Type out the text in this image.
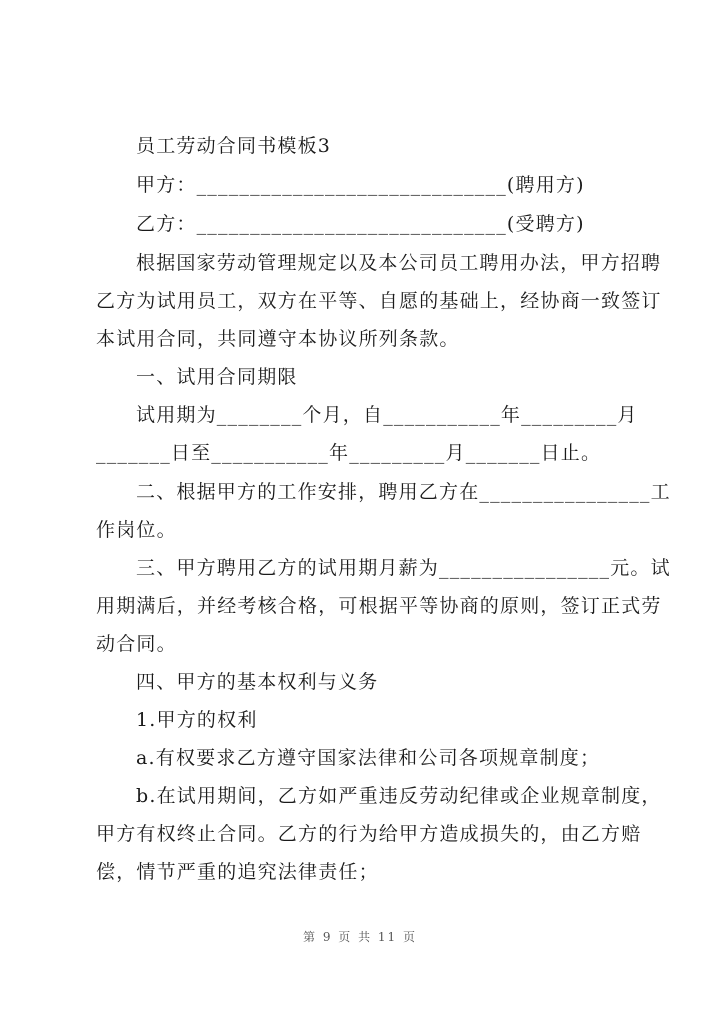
员工劳动合同书模板3
甲方：_____________________________(聘用方)
乙方：_____________________________(受聘方)
根据国家劳动管理规定以及本公司员工聘用办法，甲方招聘
乙方为试用员工，双方在平等、自愿的基础上，经协商一致签订
本试用合同，共同遵守本协议所列条款。
一、试用合同期限
试用期为________个月，自___________年_________月
_______日至___________年_________月_______日止。
二、根据甲方的工作安排，聘用乙方在________________工
作岗位。
三、甲方聘用乙方的试用期月薪为________________元。试
用期满后，并经考核合格，可根据平等协商的原则，签订正式劳
动合同。
四、甲方的基本权利与义务
1.甲方的权利
a.有权要求乙方遵守国家法律和公司各项规章制度；
b.在试用期间，乙方如严重违反劳动纪律或企业规章制度，
甲方有权终止合同。乙方的行为给甲方造成损失的，由乙方赔
偿，情节严重的追究法律责任；
第 9 页 共 11 页
